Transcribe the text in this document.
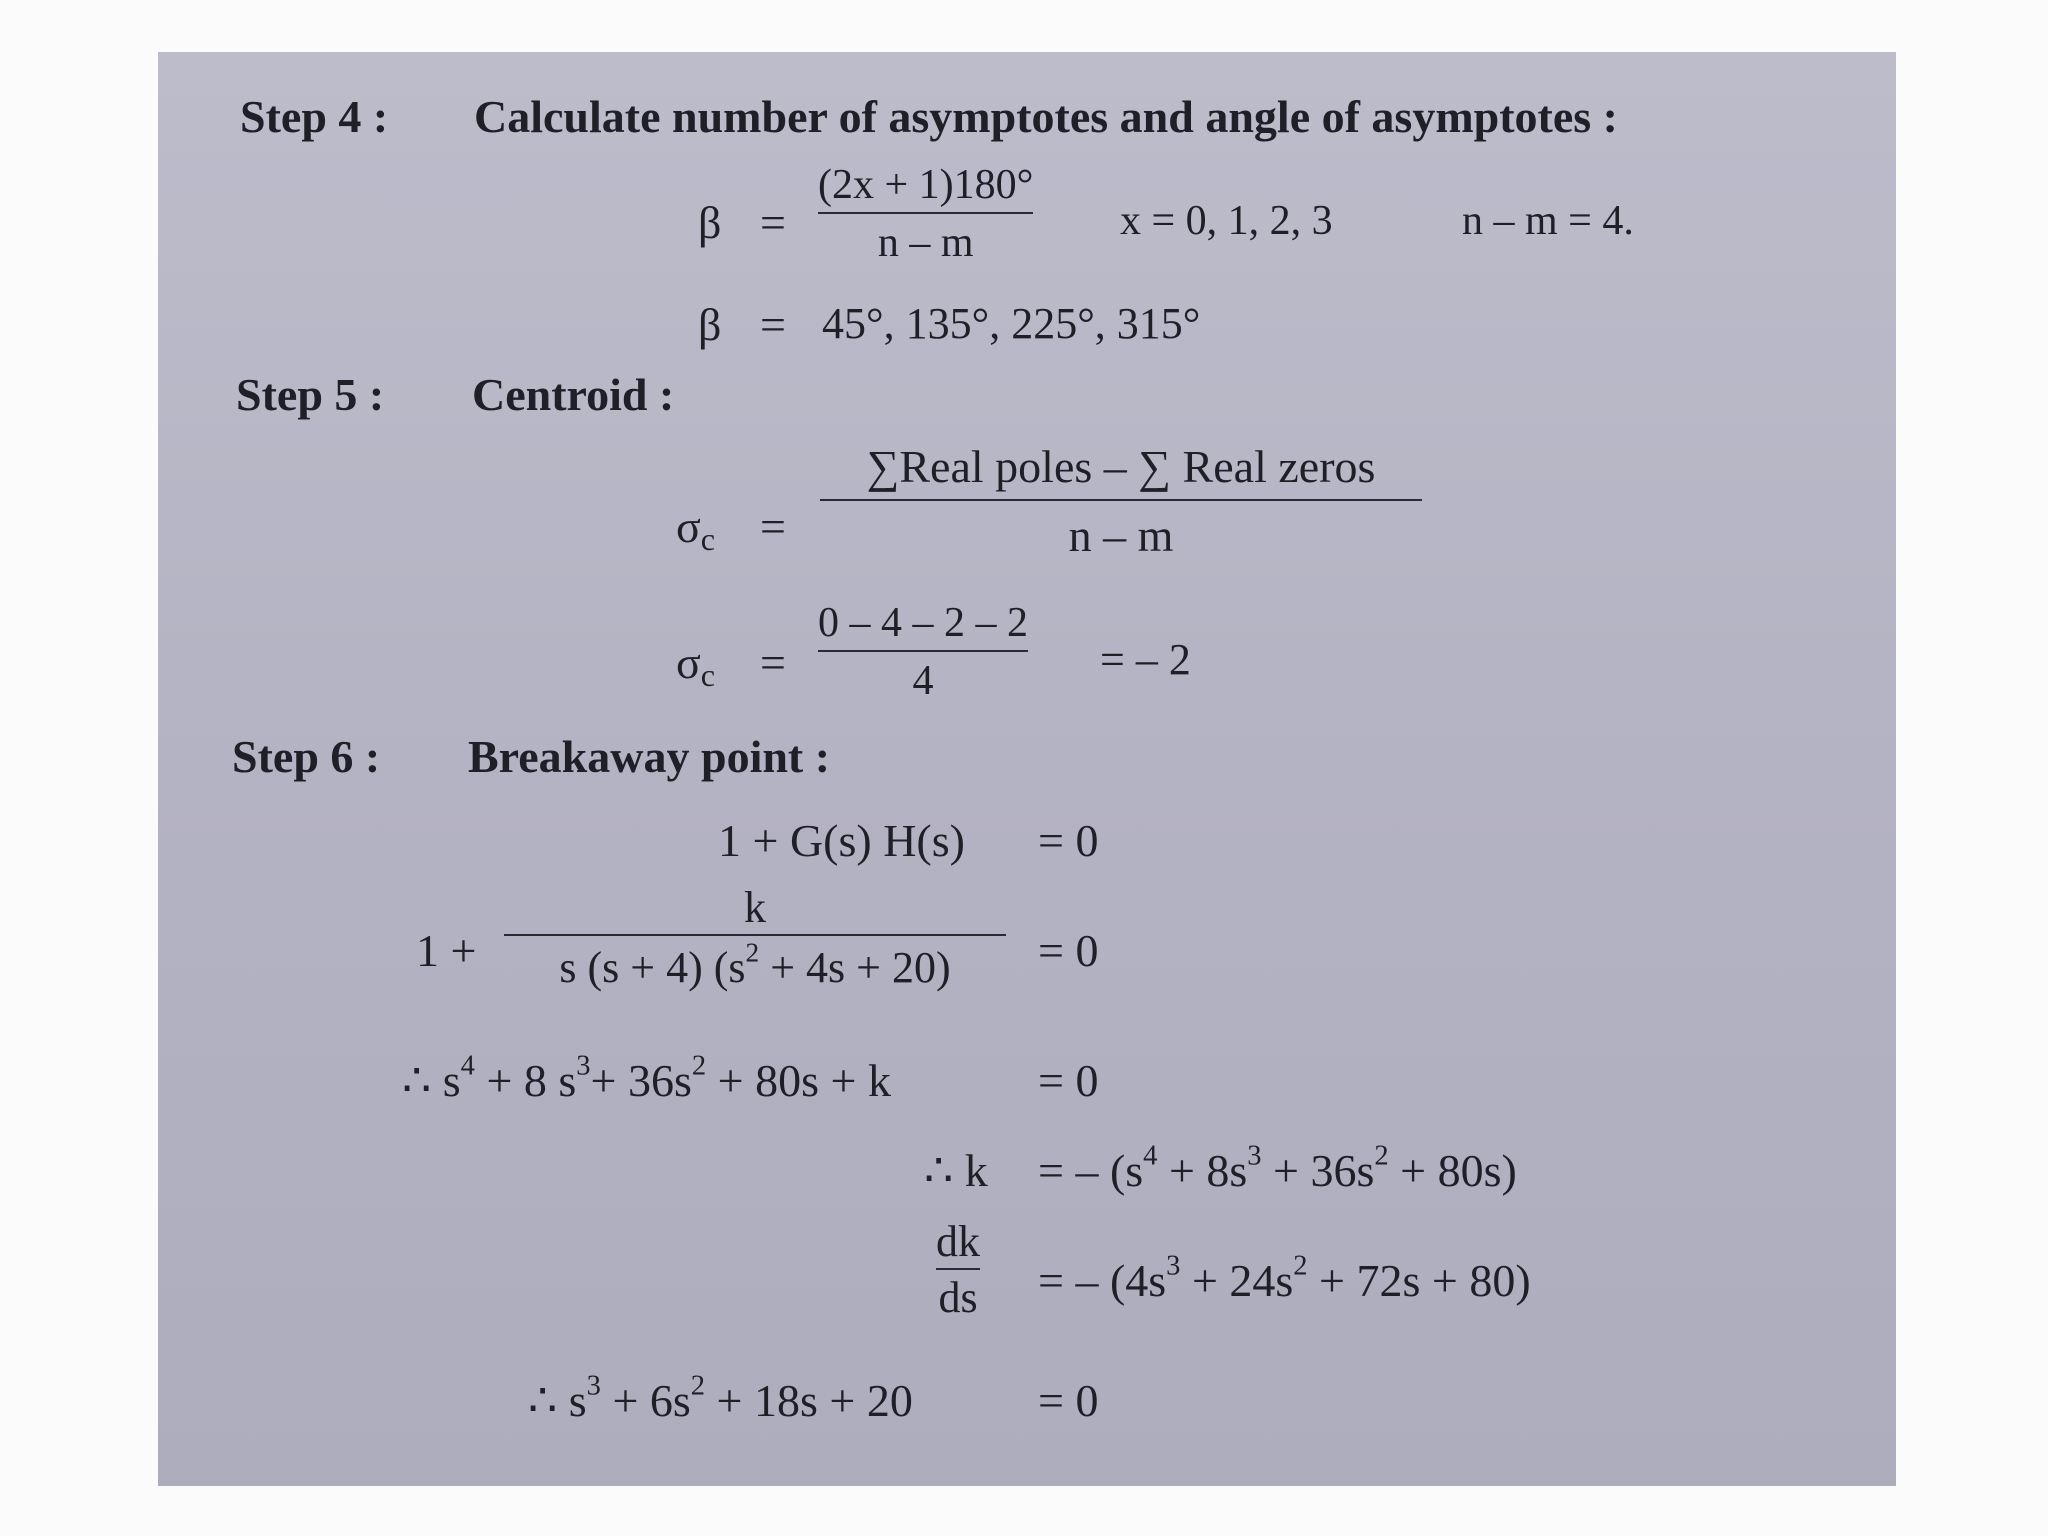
Step 4 : Calculate number of asymptotes and angle of asymptotes :
β =
(2x + 1)180°
n – m	x = 0, 1, 2, 3	n – m = 4.
β = 45°, 135°, 225°, 315°
Step 5 : Centroid :
$\sigma_c$ =
∑Real poles – ∑ Real zeros
n – m
$\sigma_c$ =
0 – 4 – 2 – 2
4	= – 2
Step 6 : Breakaway point :
1 + G(s) H(s) = 0
1 +
k
s (s + 4) $(s^2 + 4s + 20) = 0$
∴ $s^4 + 8$ $s^3+ 36s^2 + 80s + k$	= 0
∴ k = – $(s^4 + 8s^3 + 36s^2 + 80s)$
dk
ds = – $(4s^3 + 24s^2 + 72s + 80)$
∴ $s^3 + 6s^2 + 18s + 20$	= 0
